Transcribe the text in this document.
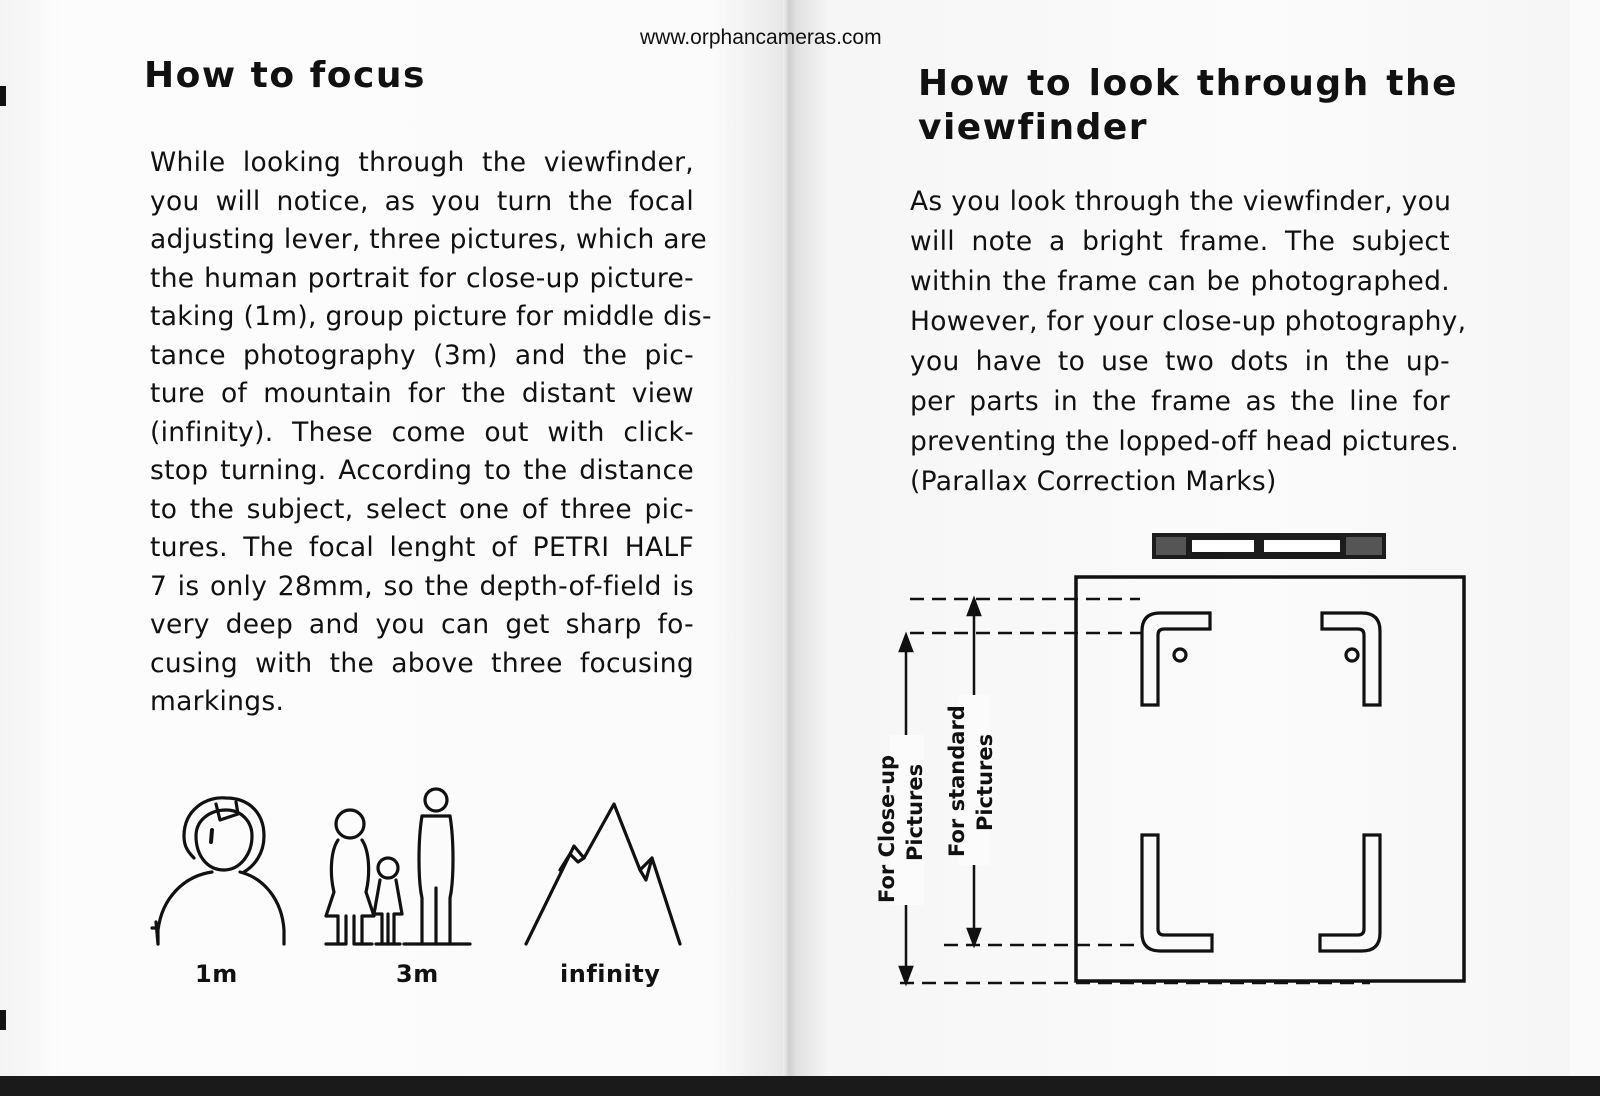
www.orphancameras.com
How to focus

While looking through the viewfinder,

you will notice, as you turn the focal

adjusting lever, three pictures, which are

the human portrait for close-up picture-

taking (1m), group picture for middle dis-

tance photography (3m) and the pic-

ture of mountain for the distant view

(infinity). These come out with click-

stop turning. According to the distance

to the subject, select one of three pic-

tures. The focal lenght of PETRI HALF

7 is only 28mm, so the depth-of-field is

very deep and you can get sharp fo-

cusing with the above three focusing

markings.

1m	3m	infinity
How to look through the
viewfinder

As you look through the viewfinder, you

will note a bright frame. The subject

within the frame can be photographed.

However, for your close-up photography,

you have to use two dots in the up-

per parts in the frame as the line for

preventing the lopped-off head pictures.

(Parallax Correction Marks)

For Close-up Pictures For standard Pictures
